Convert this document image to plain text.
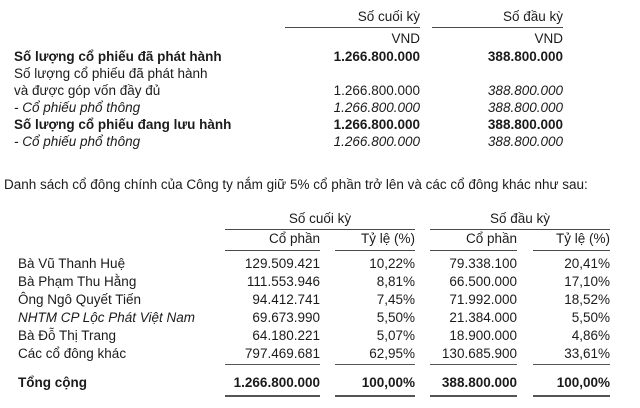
Số cuối kỳ	Số đầu kỳ
VND	VND
Số lượng cổ phiếu đã phát hành	1.266.800.000	388.800.000
Số lượng cổ phiếu đã phát hành
và được góp vốn đầy đủ	1.266.800.000	388.800.000
- Cổ phiếu phổ thông	1.266.800.000	388.800.000
Số lượng cổ phiếu đang lưu hành	1.266.800.000	388.800.000
- Cổ phiếu phổ thông	1.266.800.000	388.800.000
Danh sách cổ đông chính của Công ty nắm giữ 5% cổ phần trở lên và các cổ đông khác như sau:
Số cuối kỳ	Số đầu kỳ
Cổ phần	Tỷ lệ (%)	Cổ phần	Tỷ lệ (%)
Bà Vũ Thanh Huệ	129.509.421	10,22%	79.338.100	20,41%
Bà Phạm Thu Hằng	111.553.946	8,81%	66.500.000	17,10%
Ông Ngô Quyết Tiến	94.412.741	7,45%	71.992.000	18,52%
NHTM CP Lộc Phát Việt Nam	69.673.990	5,50%	21.384.000	5,50%
Bà Đỗ Thị Trang	64.180.221	5,07%	18.900.000	4,86%
Các cổ đông khác	797.469.681	62,95%	130.685.900	33,61%
Tổng cộng	1.266.800.000	100,00%	388.800.000	100,00%
